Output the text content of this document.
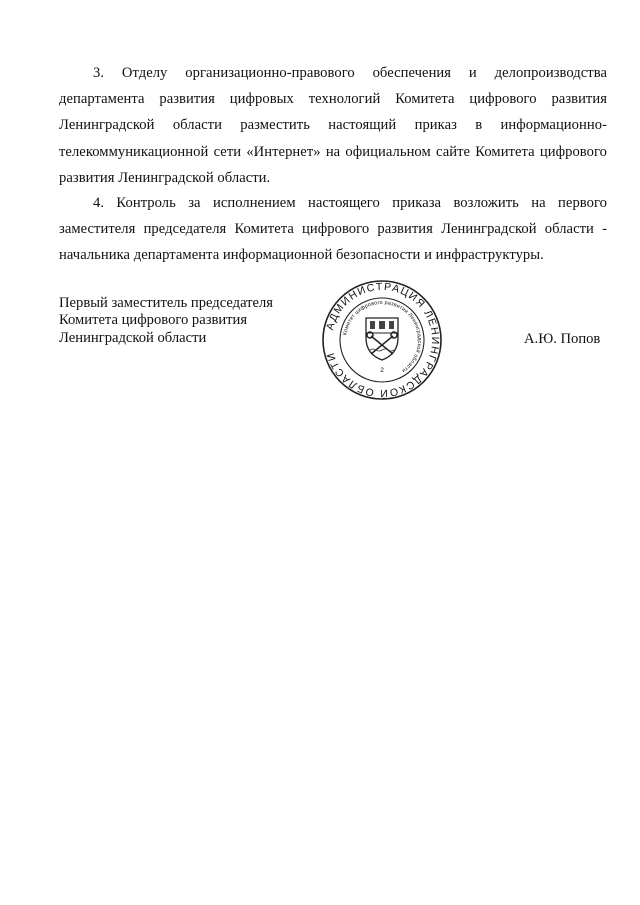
3. Отделу организационно-правового обеспечения и делопроизводства департамента развития цифровых технологий Комитета цифрового развития Ленинградской области разместить настоящий приказ в информационно-телекоммуникационной сети «Интернет» на официальном сайте Комитета цифрового развития Ленинградской области.

4. Контроль за исполнением настоящего приказа возложить на первого заместителя председателя Комитета цифрового развития Ленинградской области - начальника департамента информационной безопасности и инфраструктуры.

Первый заместитель председателя
Комитета цифрового развития
Ленинградской области
АДМИНИСТРАЦИЯ ЛЕНИНГРАДСКОЙ ОБЛАСТИ
Комитет цифрового развития Ленинградской области
2
А.Ю. Попов
